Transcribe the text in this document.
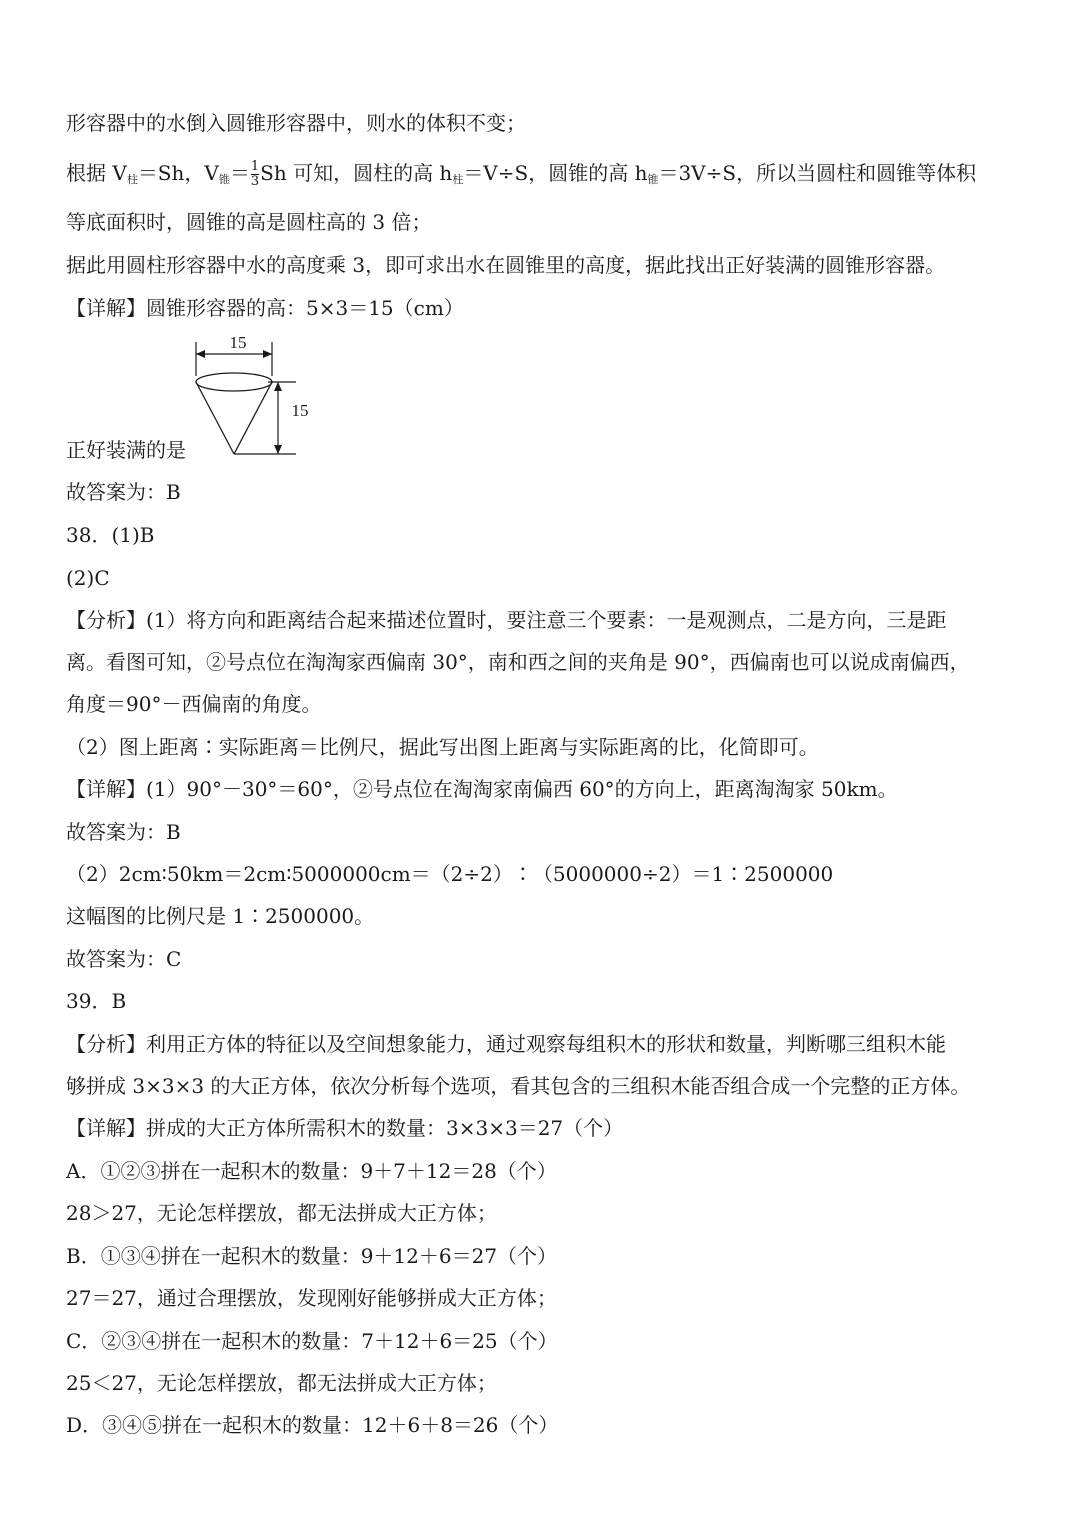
形容器中的水倒入圆锥形容器中，则水的体积不变；
根据 $V_柱=Sh$，$V_锥= \frac{1}{3}$ Sh 可知，圆柱的高 $h_柱=V\div S$，圆锥的高 $h_锥=3V\div S$，所以当圆柱和圆锥等体积
等底面积时，圆锥的高是圆柱高的 3 倍；
据此用圆柱形容器中水的高度乘 3，即可求出水在圆锥里的高度，据此找出正好装满的圆锥形容器。
【详解】圆锥形容器的高：5×3＝15（cm）
15
15
正好装满的是
故答案为：B
38．(1)B
(2)C
【分析】(1）将方向和距离结合起来描述位置时，要注意三个要素：一是观测点，二是方向，三是距
离。看图可知，②号点位在淘淘家西偏南 30°，南和西之间的夹角是 90°，西偏南也可以说成南偏西，
角度＝90°－西偏南的角度。
（2）图上距离∶实际距离＝比例尺，据此写出图上距离与实际距离的比，化简即可。
【详解】(1）90°－30°＝60°，②号点位在淘淘家南偏西 60°的方向上，距离淘淘家 50km。
故答案为：B
（2）2cm∶50km＝2cm∶5000000cm＝（2÷2）∶（5000000÷2）＝1∶2500000
这幅图的比例尺是 1∶2500000。
故答案为：C
39．B
【分析】利用正方体的特征以及空间想象能力，通过观察每组积木的形状和数量，判断哪三组积木能
够拼成 3×3×3 的大正方体，依次分析每个选项，看其包含的三组积木能否组合成一个完整的正方体。
【详解】拼成的大正方体所需积木的数量：3×3×3＝27（个）
A．①②③拼在一起积木的数量：9＋7＋12＝28（个）
28＞27，无论怎样摆放，都无法拼成大正方体；
B．①③④拼在一起积木的数量：9＋12＋6＝27（个）
27＝27，通过合理摆放，发现刚好能够拼成大正方体；
C．②③④拼在一起积木的数量：7＋12＋6＝25（个）
25＜27，无论怎样摆放，都无法拼成大正方体；
D．③④⑤拼在一起积木的数量：12＋6＋8＝26（个）
